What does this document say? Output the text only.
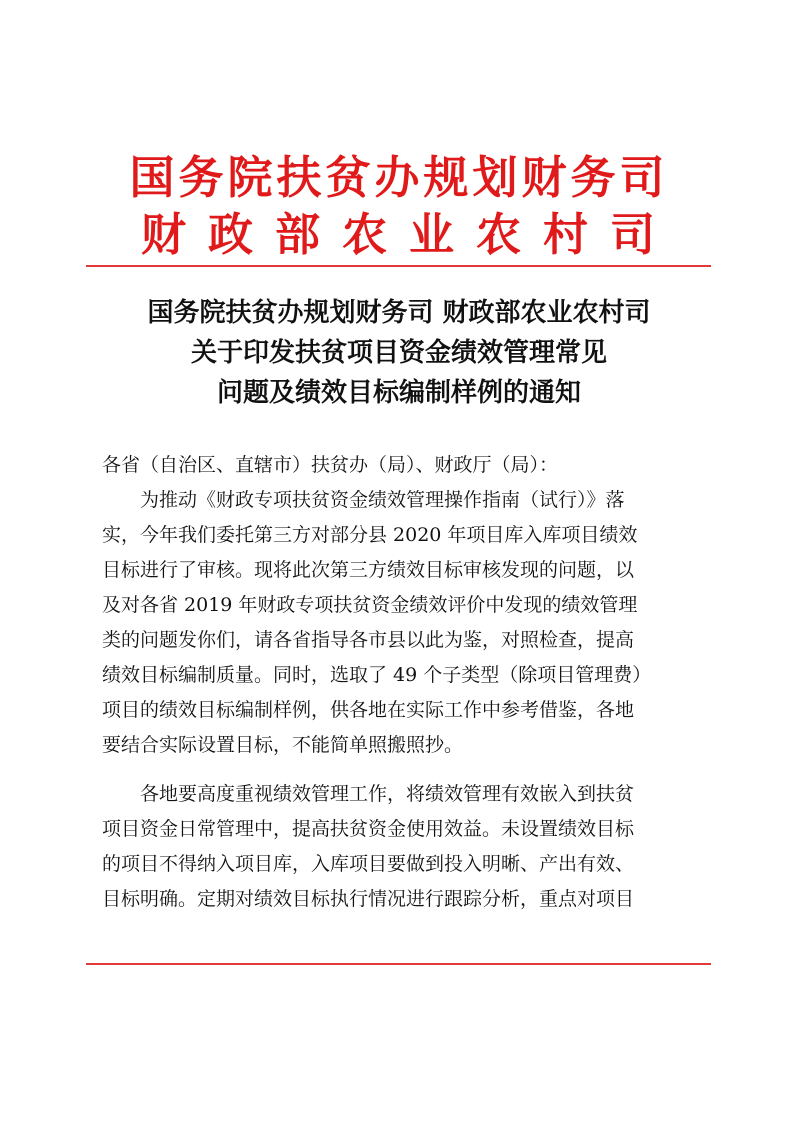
国务院扶贫办规划财务司
财政部农业农村司
国务院扶贫办规划财务司 财政部农业农村司
关于印发扶贫项目资金绩效管理常见
问题及绩效目标编制样例的通知

各省（自治区、直辖市）扶贫办（局）、财政厅（局）：

为推动《财政专项扶贫资金绩效管理操作指南（试行）》落
实，今年我们委托第三方对部分县 2020 年项目库入库项目绩效
目标进行了审核。现将此次第三方绩效目标审核发现的问题，以
及对各省 2019 年财政专项扶贫资金绩效评价中发现的绩效管理
类的问题发你们，请各省指导各市县以此为鉴，对照检查，提高
绩效目标编制质量。同时，选取了 49 个子类型（除项目管理费）
项目的绩效目标编制样例，供各地在实际工作中参考借鉴，各地
要结合实际设置目标，不能简单照搬照抄。

各地要高度重视绩效管理工作，将绩效管理有效嵌入到扶贫
项目资金日常管理中，提高扶贫资金使用效益。未设置绩效目标
的项目不得纳入项目库，入库项目要做到投入明晰、产出有效、
目标明确。定期对绩效目标执行情况进行跟踪分析，重点对项目
